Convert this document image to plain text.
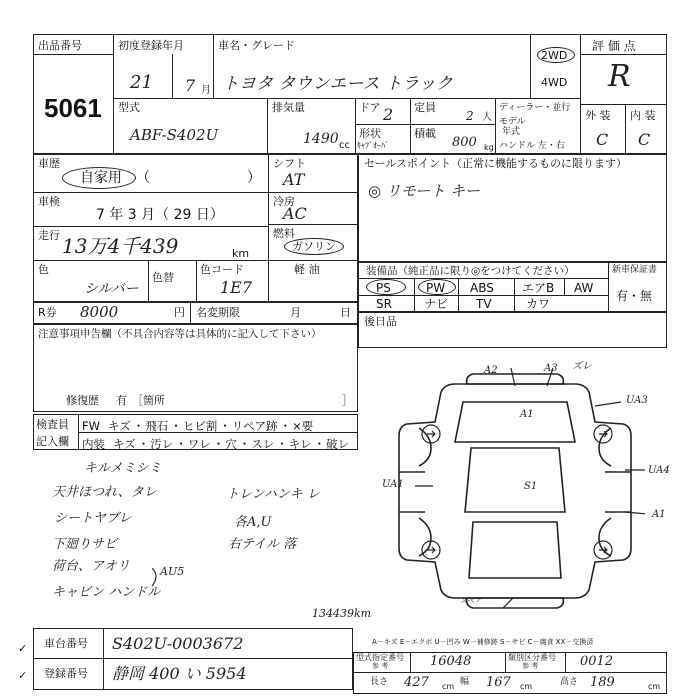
出品番号
5061
初度登録年月
21 7 月
車名・グレード
トヨタ タウンエース トラック
2WD
4WD
評 価 点
R
型式
ABF-S402U
排気量
1490 cc
ドア 2 定員
2 人
形状
ｷｬﾌﾞｵｰﾊﾞ
積載
800 kg
ディーラー・並行
モデル
年式
ハンドル 左・右
外 装 内 装
C C
車歴
自家用 （	）
車検
7 年 3 月（ 29 日）
走行 13万4千439	km
色
シルバー
色替
色コード
1E7
シフト
AT
冷房
AC
燃料
ガソリン
軽 油
セールスポイント（正常に機能するものに限ります）
◎ リモート キー
R券 8000	円 名変期限	月	日
注意事項申告欄（不具合内容等は具体的に記入して下さい）
修復歴 有 ［箇所	］
装備品（純正品に限り◎をつけてください）	新車保証書
PS	PW ABS エアB AW
SR	ナビ TV	カワ
有・無
後日品
検査員
記入欄
FW キズ ・飛石 ・ヒビ割 ・リペア跡 ・×要
内装 キズ ・汚レ ・ワレ ・穴 ・スレ ・キレ ・破レ
キルメミシミ
天井ほつれ、タレ
シートヤブレ
下廻りサビ
荷台、アオリ
キャビン ハンドル
トレンハンキ レ
各A,U
右テイル 落
AU5
A2	A3 ズレ
A1
UA3
UA1	S1
UA4
A1
スペア
134439km
A－キズ E－エクボ U－凹み W－補修跡 S－サビ C－腐食 XX－交換済
車台番号 S402U-0003672
登録番号 静岡 400 い 5954
✓
✓
型式指定番号
参 考	16048	類別区分番号
参 考	0012
長さ 427 cm 幅 167 cm	高さ 189	cm
